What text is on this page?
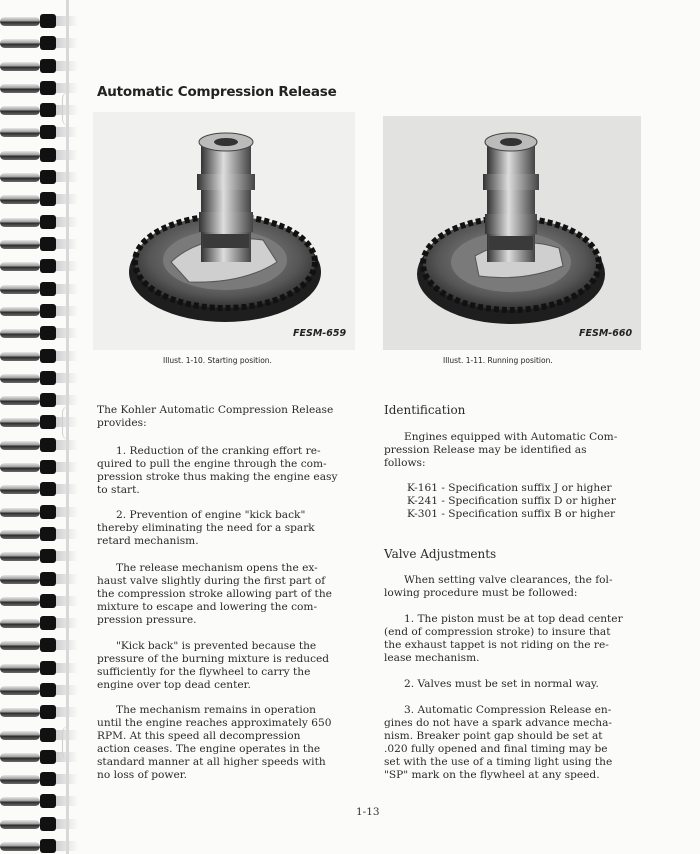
Automatic Compression Release
FESM-659
Illust. 1-10. Starting position.
FESM-660
Illust. 1-11. Running position.

The Kohler Automatic Compression Release

provides:

1. Reduction of the cranking effort re-

quired to pull the engine through the com-

pression stroke thus making the engine easy

to start.

2. Prevention of engine "kick back"

thereby eliminating the need for a spark

retard mechanism.

The release mechanism opens the ex-

haust valve slightly during the first part of

the compression stroke allowing part of the

mixture to escape and lowering the com-

pression pressure.

"Kick back" is prevented because the

pressure of the burning mixture is reduced

sufficiently for the flywheel to carry the

engine over top dead center.

The mechanism remains in operation

until the engine reaches approximately 650

RPM. At this speed all decompression

action ceases. The engine operates in the

standard manner at all higher speeds with

no loss of power.

Identification

Engines equipped with Automatic Com-

pression Release may be identified as

follows:

K-161 - Specification suffix J or higher
K-241 - Specification suffix D or higher
K-301 - Specification suffix B or higher
Valve Adjustments

When setting valve clearances, the fol-

lowing procedure must be followed:

1. The piston must be at top dead center

(end of compression stroke) to insure that

the exhaust tappet is not riding on the re-

lease mechanism.

2. Valves must be set in normal way.

3. Automatic Compression Release en-

gines do not have a spark advance mecha-

nism. Breaker point gap should be set at

.020 fully opened and final timing may be

set with the use of a timing light using the

"SP" mark on the flywheel at any speed.

1-13
